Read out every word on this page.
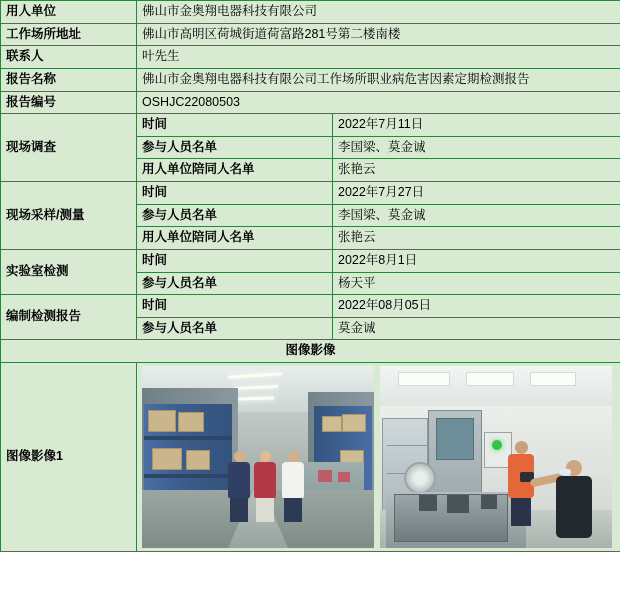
用人单位	佛山市金奥翔电器科技有限公司	
工作场所地址	佛山市高明区荷城街道荷富路281号第二楼南楼	
联系人	叶先生	
报告名称	佛山市金奥翔电器科技有限公司工作场所职业病危害因素定期检测报告	
报告编号	OSHJC22080503	
现场调查	时间	2022年7月11日
	参与人员名单	李国梁、莫金诚
	用人单位陪同人名单	张艳云
现场采样/测量	时间	2022年7月27日
	参与人员名单	李国梁、莫金诚
	用人单位陪同人名单	张艳云
实验室检测	时间	2022年8月1日
	参与人员名单	杨天平
编制检测报告	时间	2022年08月05日
	参与人员名单	莫金诚
图像影像		
图像影像1		
